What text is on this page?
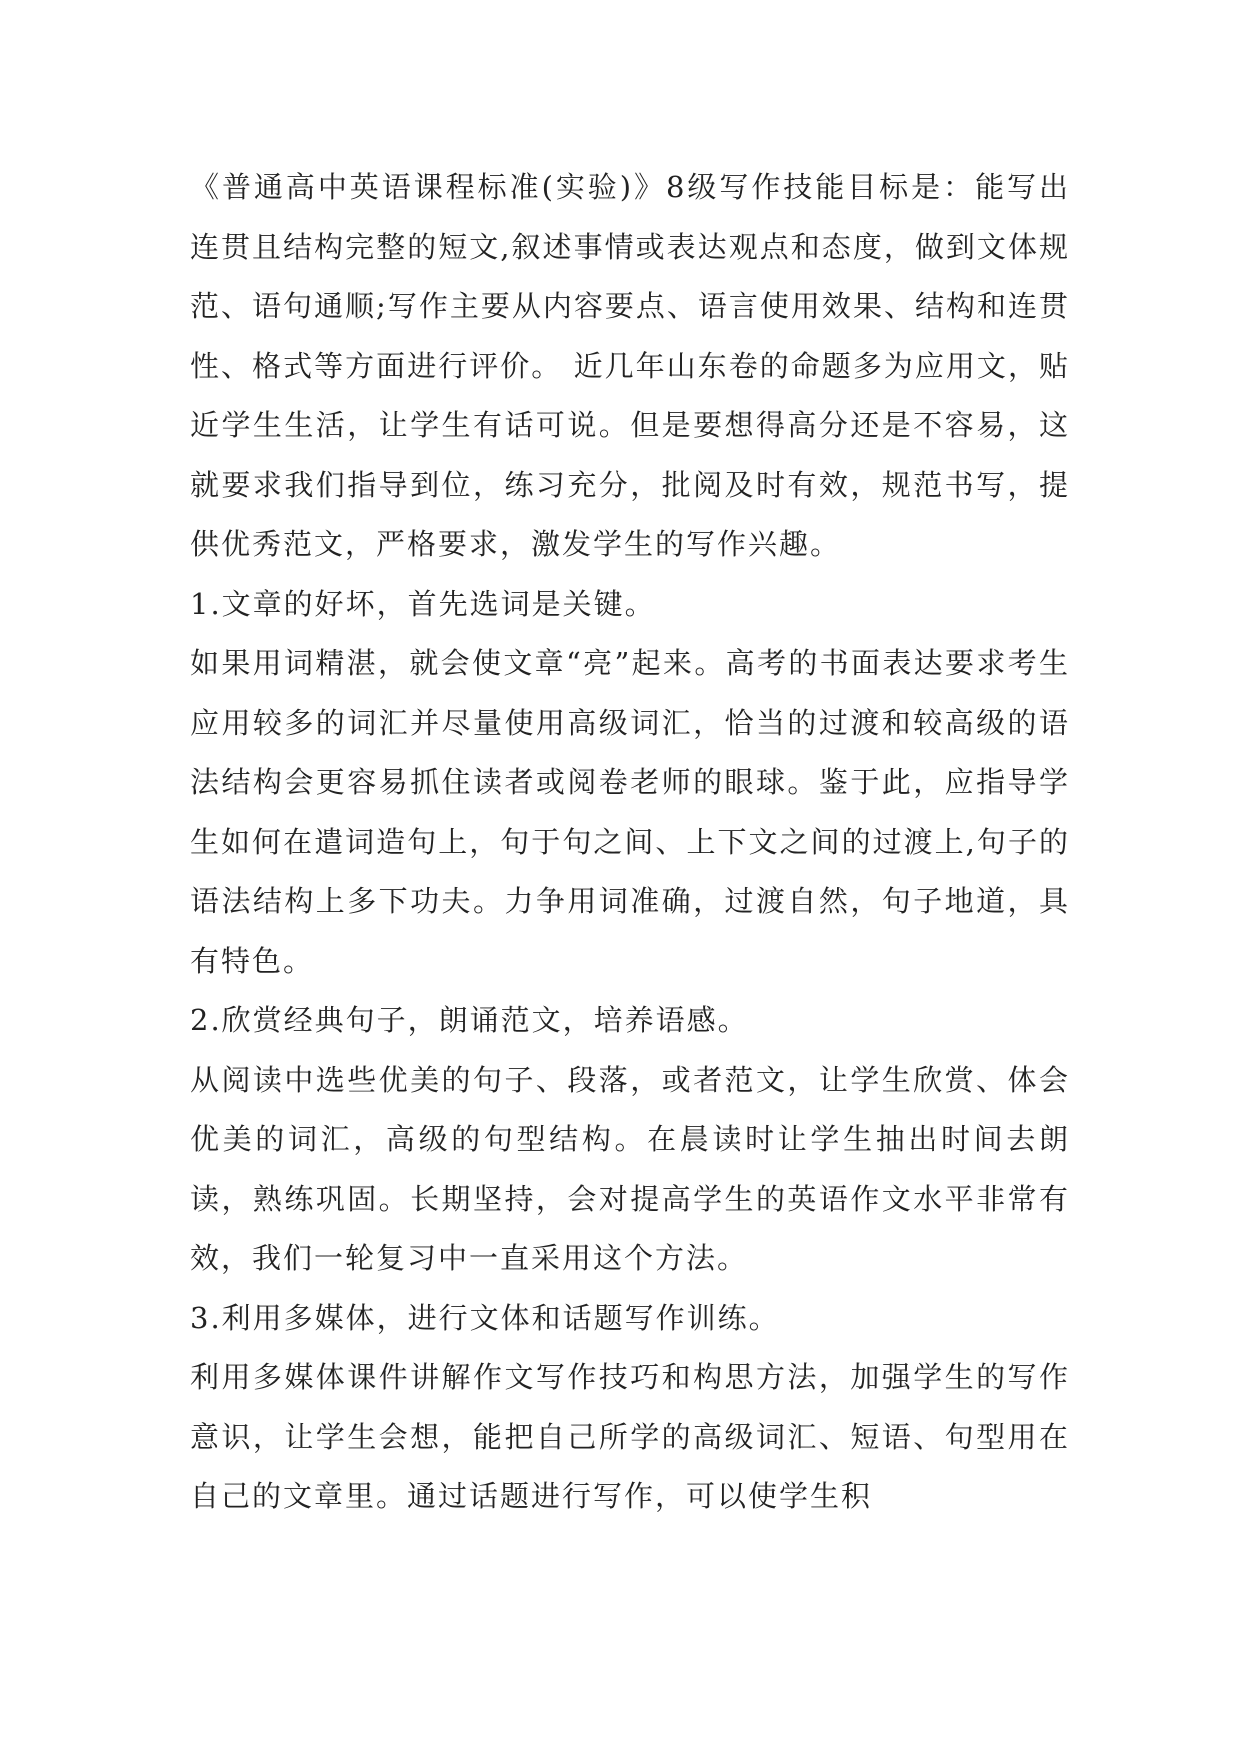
《普通高中英语课程标准(实验)》8级写作技能目标是：能写出连贯且结构完整的短文,叙述事情或表达观点和态度，做到文体规范、语句通顺;写作主要从内容要点、语言使用效果、结构和连贯性、格式等方面进行评价。 近几年山东卷的命题多为应用文，贴近学生生活，让学生有话可说。但是要想得高分还是不容易，这就要求我们指导到位，练习充分，批阅及时有效，规范书写，提供优秀范文，严格要求，激发学生的写作兴趣。

1.文章的好坏，首先选词是关键。

如果用词精湛，就会使文章“亮”起来。高考的书面表达要求考生应用较多的词汇并尽量使用高级词汇，恰当的过渡和较高级的语法结构会更容易抓住读者或阅卷老师的眼球。鉴于此，应指导学生如何在遣词造句上，句于句之间、上下文之间的过渡上,句子的语法结构上多下功夫。力争用词准确，过渡自然，句子地道，具有特色。

2.欣赏经典句子，朗诵范文，培养语感。

从阅读中选些优美的句子、段落，或者范文，让学生欣赏、体会优美的词汇，高级的句型结构。在晨读时让学生抽出时间去朗读，熟练巩固。长期坚持，会对提高学生的英语作文水平非常有效，我们一轮复习中一直采用这个方法。

3.利用多媒体，进行文体和话题写作训练。

利用多媒体课件讲解作文写作技巧和构思方法，加强学生的写作意识，让学生会想，能把自己所学的高级词汇、短语、句型用在自己的文章里。通过话题进行写作，可以使学生积
